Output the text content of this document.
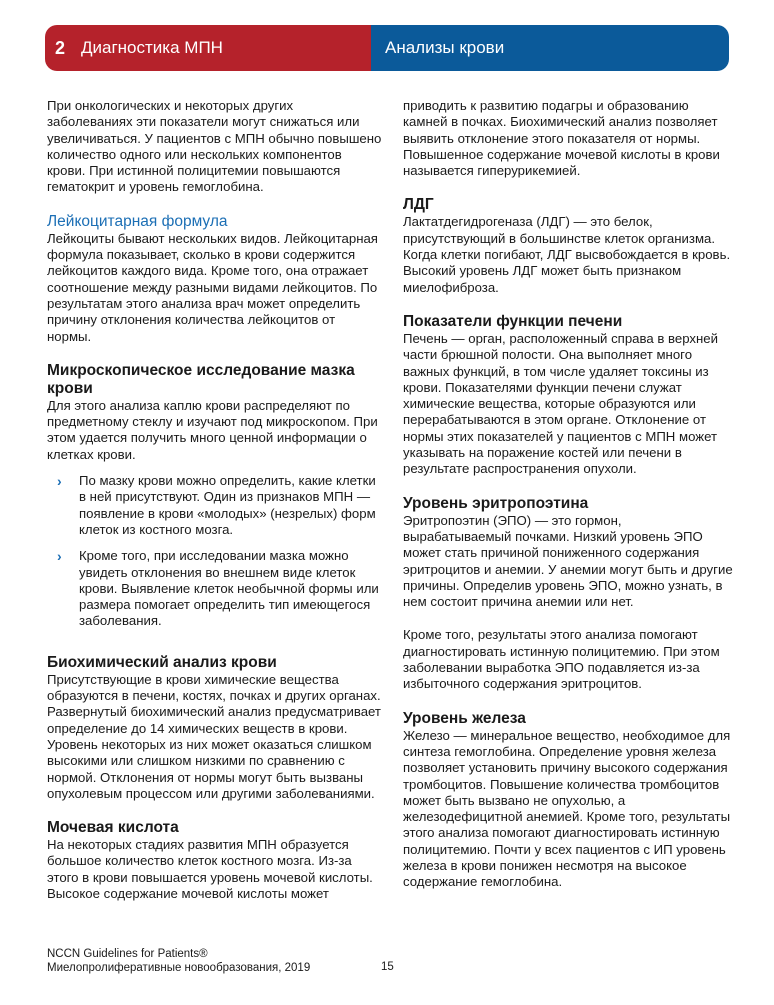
2 Диагностика МПН	Анализы крови

При онкологических и некоторых других заболеваниях эти показатели могут снижаться или увеличиваться. У пациентов с МПН обычно повышено количество одного или нескольких компонентов крови. При истинной полицитемии повышаются гематокрит и уровень гемоглобина.

Лейкоцитарная формула

Лейкоциты бывают нескольких видов. Лейкоцитарная формула показывает, сколько в крови содержится лейкоцитов каждого вида. Кроме того, она отражает соотношение между разными видами лейкоцитов. По результатам этого анализа врач может определить причину отклонения количества лейкоцитов от нормы.

Микроскопическое исследование мазка крови

Для этого анализа каплю крови распределяют по предметному стеклу и изучают под микроскопом. При этом удается получить много ценной информации о клетках крови.

› По мазку крови можно определить, какие клетки в ней присутствуют. Один из признаков МПН — появление в крови «молодых» (незрелых) форм клеток из костного мозга.
› Кроме того, при исследовании мазка можно увидеть отклонения во внешнем виде клеток крови. Выявление клеток необычной формы или размера помогает определить тип имеющегося заболевания.
Биохимический анализ крови

Присутствующие в крови химические вещества образуются в печени, костях, почках и других органах. Развернутый биохимический анализ предусматривает определение до 14 химических веществ в крови. Уровень некоторых из них может оказаться слишком высокими или слишком низкими по сравнению с нормой. Отклонения от нормы могут быть вызваны опухолевым процессом или другими заболеваниями.

Мочевая кислота

На некоторых стадиях развития МПН образуется большое количество клеток костного мозга. Из-за этого в крови повышается уровень мочевой кислоты. Высокое содержание мочевой кислоты может

приводить к развитию подагры и образованию камней в почках. Биохимический анализ позволяет выявить отклонение этого показателя от нормы. Повышенное содержание мочевой кислоты в крови называется гиперурикемией.

ЛДГ

Лактатдегидрогеназа (ЛДГ) — это белок, присутствующий в большинстве клеток организма. Когда клетки погибают, ЛДГ высвобождается в кровь. Высокий уровень ЛДГ может быть признаком миелофиброза.

Показатели функции печени

Печень — орган, расположенный справа в верхней части брюшной полости. Она выполняет много важных функций, в том числе удаляет токсины из крови. Показателями функции печени служат химические вещества, которые образуются или перерабатываются в этом органе. Отклонение от нормы этих показателей у пациентов с МПН может указывать на поражение костей или печени в результате распространения опухоли.

Уровень эритропоэтина

Эритропоэтин (ЭПО) — это гормон, вырабатываемый почками. Низкий уровень ЭПО может стать причиной пониженного содержания эритроцитов и анемии. У анемии могут быть и другие причины. Определив уровень ЭПО, можно узнать, в нем состоит причина анемии или нет.

Кроме того, результаты этого анализа помогают диагностировать истинную полицитемию. При этом заболевании выработка ЭПО подавляется из-за избыточного содержания эритроцитов.

Уровень железа

Железо — минеральное вещество, необходимое для синтеза гемоглобина. Определение уровня железа позволяет установить причину высокого содержания тромбоцитов. Повышение количества тромбоцитов может быть вызвано не опухолью, а железодефицитной анемией. Кроме того, результаты этого анализа помогают диагностировать истинную полицитемию. Почти у всех пациентов с ИП уровень железа в крови понижен несмотря на высокое содержание гемоглобина.

NCCN Guidelines for Patients®
Миелопролиферативные новообразования, 2019	15
